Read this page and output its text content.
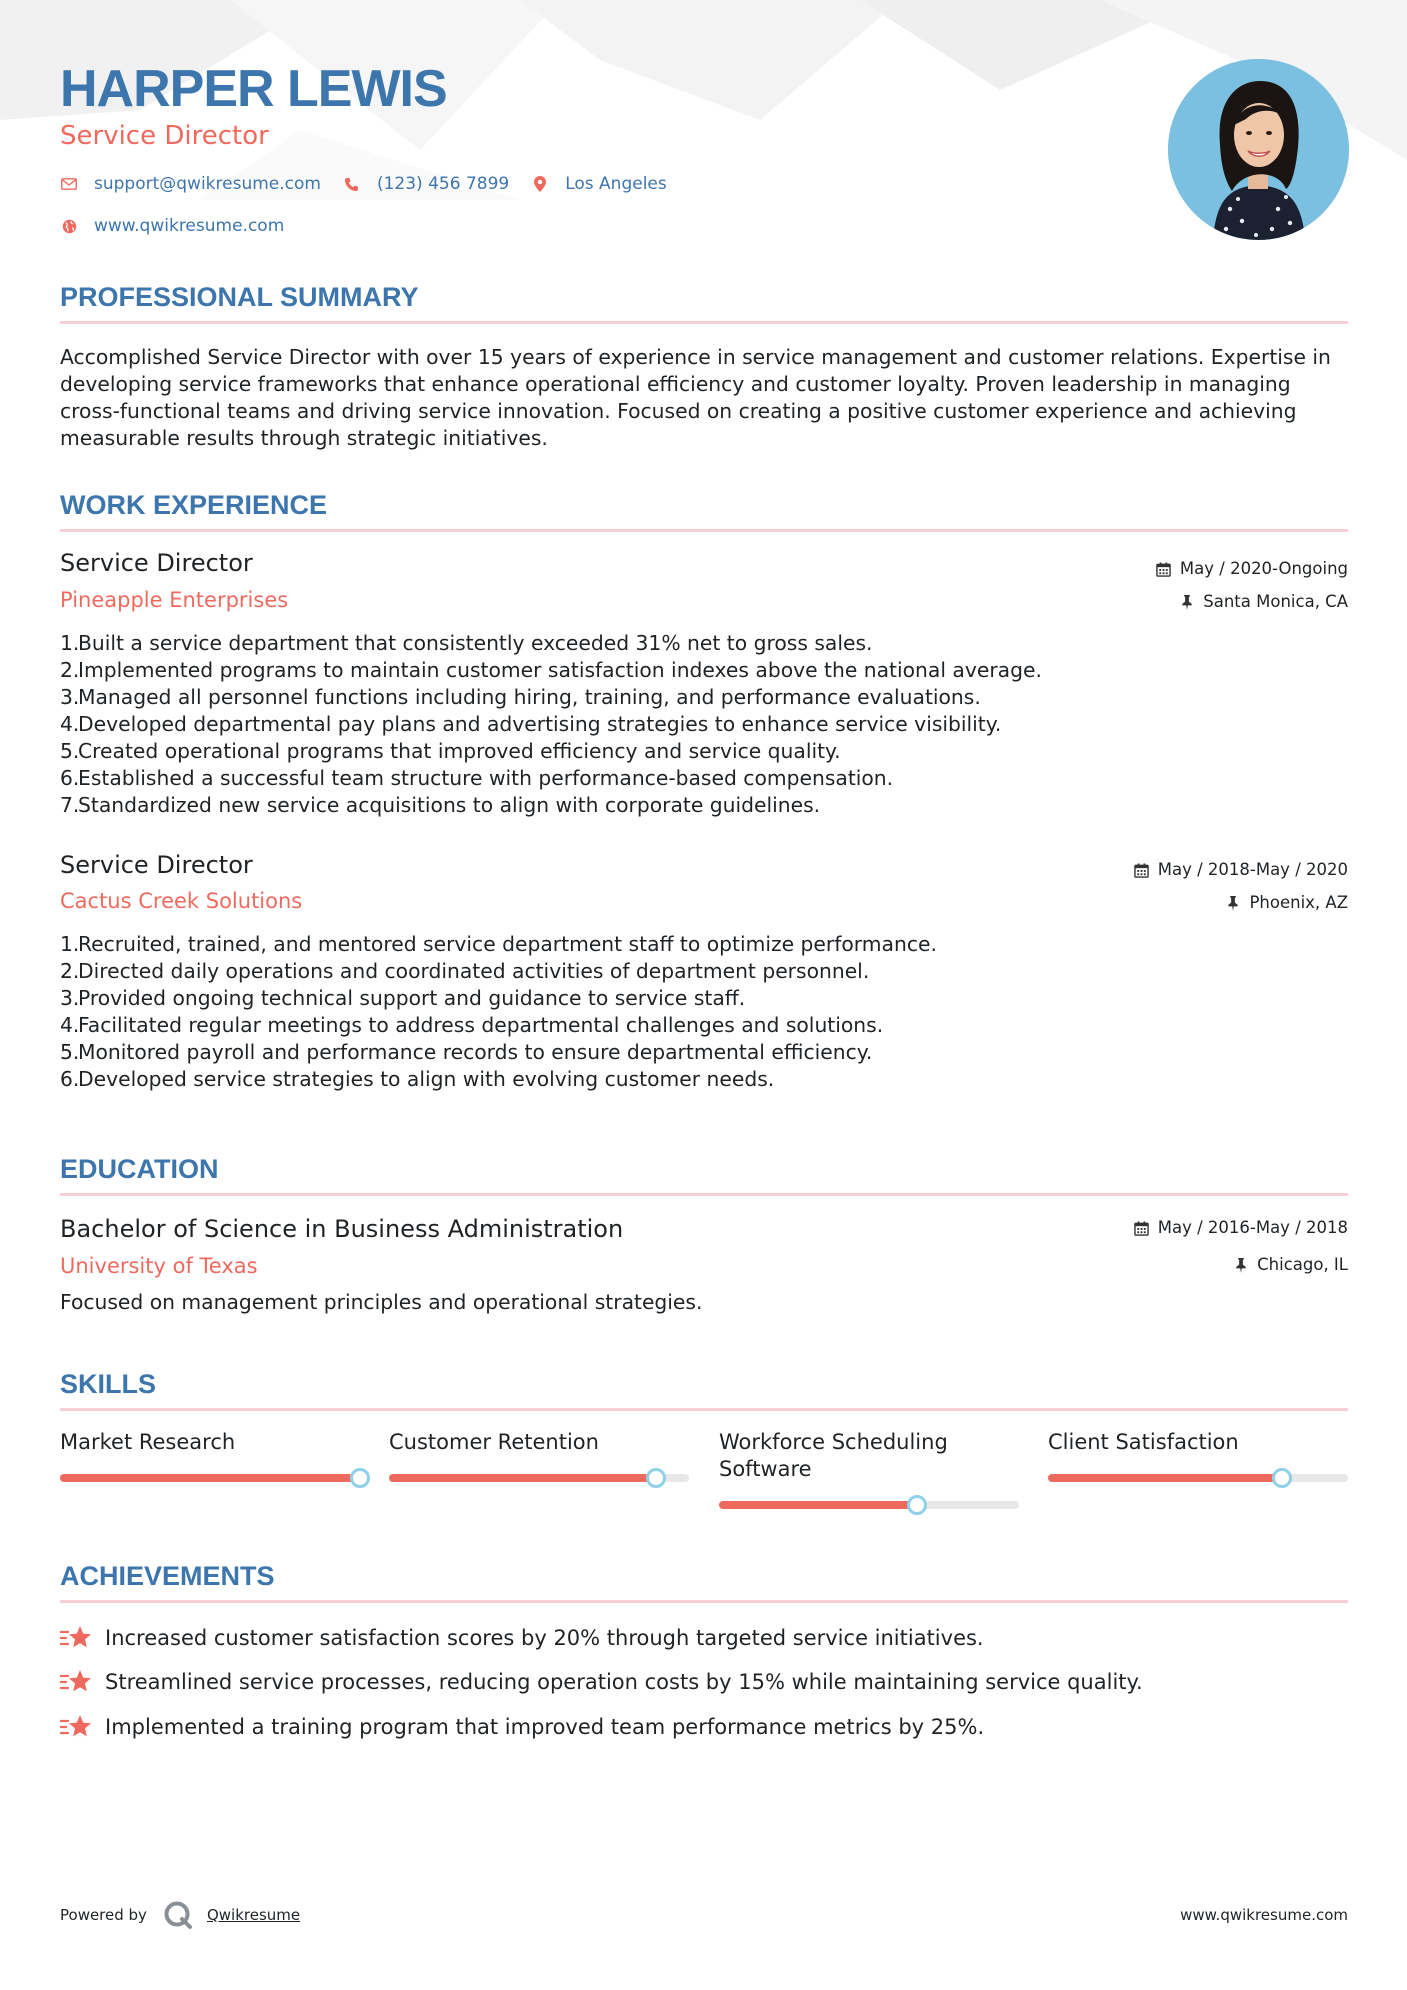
HARPER LEWIS
Service Director
support@qwikresume.com	(123) 456 7899	Los Angeles
www.qwikresume.com
PROFESSIONAL SUMMARY
Accomplished Service Director with over 15 years of experience in service management and customer relations. Expertise in developing service frameworks that enhance operational efficiency and customer loyalty. Proven leadership in managing cross-functional teams and driving service innovation. Focused on creating a positive customer experience and achieving measurable results through strategic initiatives.
WORK EXPERIENCE
Service Director
Pineapple Enterprises
May / 2020-Ongoing
Santa Monica, CA
1.
Built a service department that consistently exceeded 31% net to gross sales.
2.
Implemented programs to maintain customer satisfaction indexes above the national average.
3.
Managed all personnel functions including hiring, training, and performance evaluations.
4.
Developed departmental pay plans and advertising strategies to enhance service visibility.
5.
Created operational programs that improved efficiency and service quality.
6.
Established a successful team structure with performance-based compensation.
7.
Standardized new service acquisitions to align with corporate guidelines.
Service Director
Cactus Creek Solutions
May / 2018-May / 2020
Phoenix, AZ
1.
Recruited, trained, and mentored service department staff to optimize performance.
2.
Directed daily operations and coordinated activities of department personnel.
3.
Provided ongoing technical support and guidance to service staff.
4.
Facilitated regular meetings to address departmental challenges and solutions.
5.
Monitored payroll and performance records to ensure departmental efficiency.
6.
Developed service strategies to align with evolving customer needs.
EDUCATION
Bachelor of Science in Business Administration
University of Texas
May / 2016-May / 2018
Chicago, IL
Focused on management principles and operational strategies.
SKILLS
Market Research	Customer Retention	Workforce Scheduling Software
Client Satisfaction
ACHIEVEMENTS
Increased customer satisfaction scores by 20% through targeted service initiatives.
Streamlined service processes, reducing operation costs by 15% while maintaining service quality.
Implemented a training program that improved team performance metrics by 25%.
Powered by	Qwikresume	www.qwikresume.com
